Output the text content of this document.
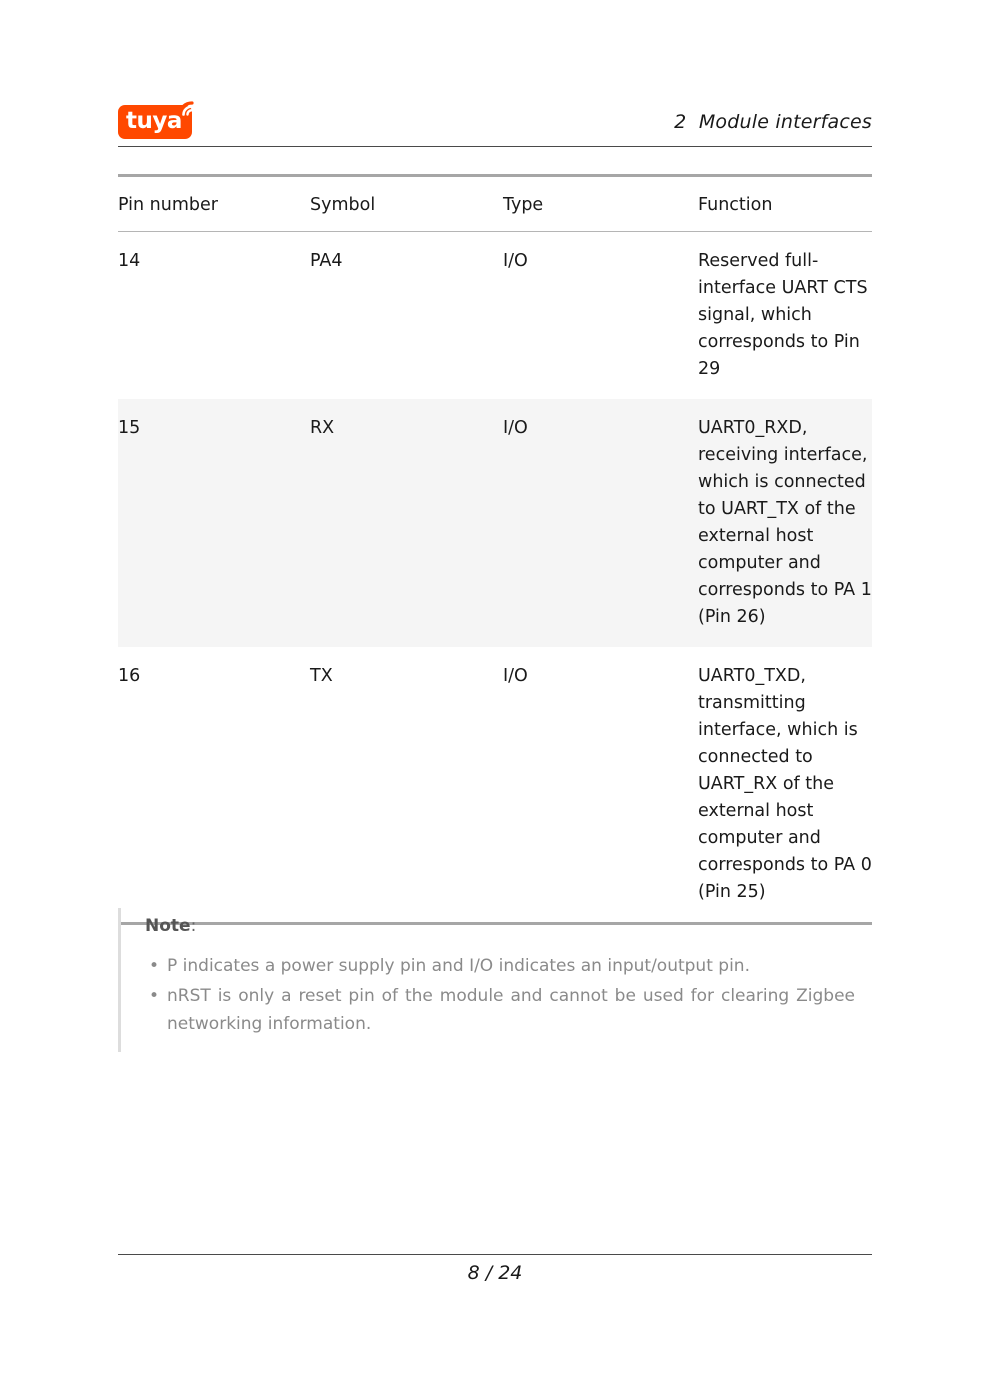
tuya	2  Module interfaces
Pin number	Symbol	Type	Function
14	PA4	I/O	Reserved full-interface UART CTS signal, which corresponds to Pin 29
15	RX	I/O	UART0_RXD, receiving interface, which is connected to UART_TX of the external host computer and corresponds to PA 1 (Pin 26)
16	TX	I/O	UART0_TXD, transmitting interface, which is connected to UART_RX of the external host computer and corresponds to PA 0 (Pin 25)
Note:
• P indicates a power supply pin and I/O indicates an input/output pin.
• nRST is only a reset pin of the module and cannot be used for clearing Zigbee networking information.
8 / 24
